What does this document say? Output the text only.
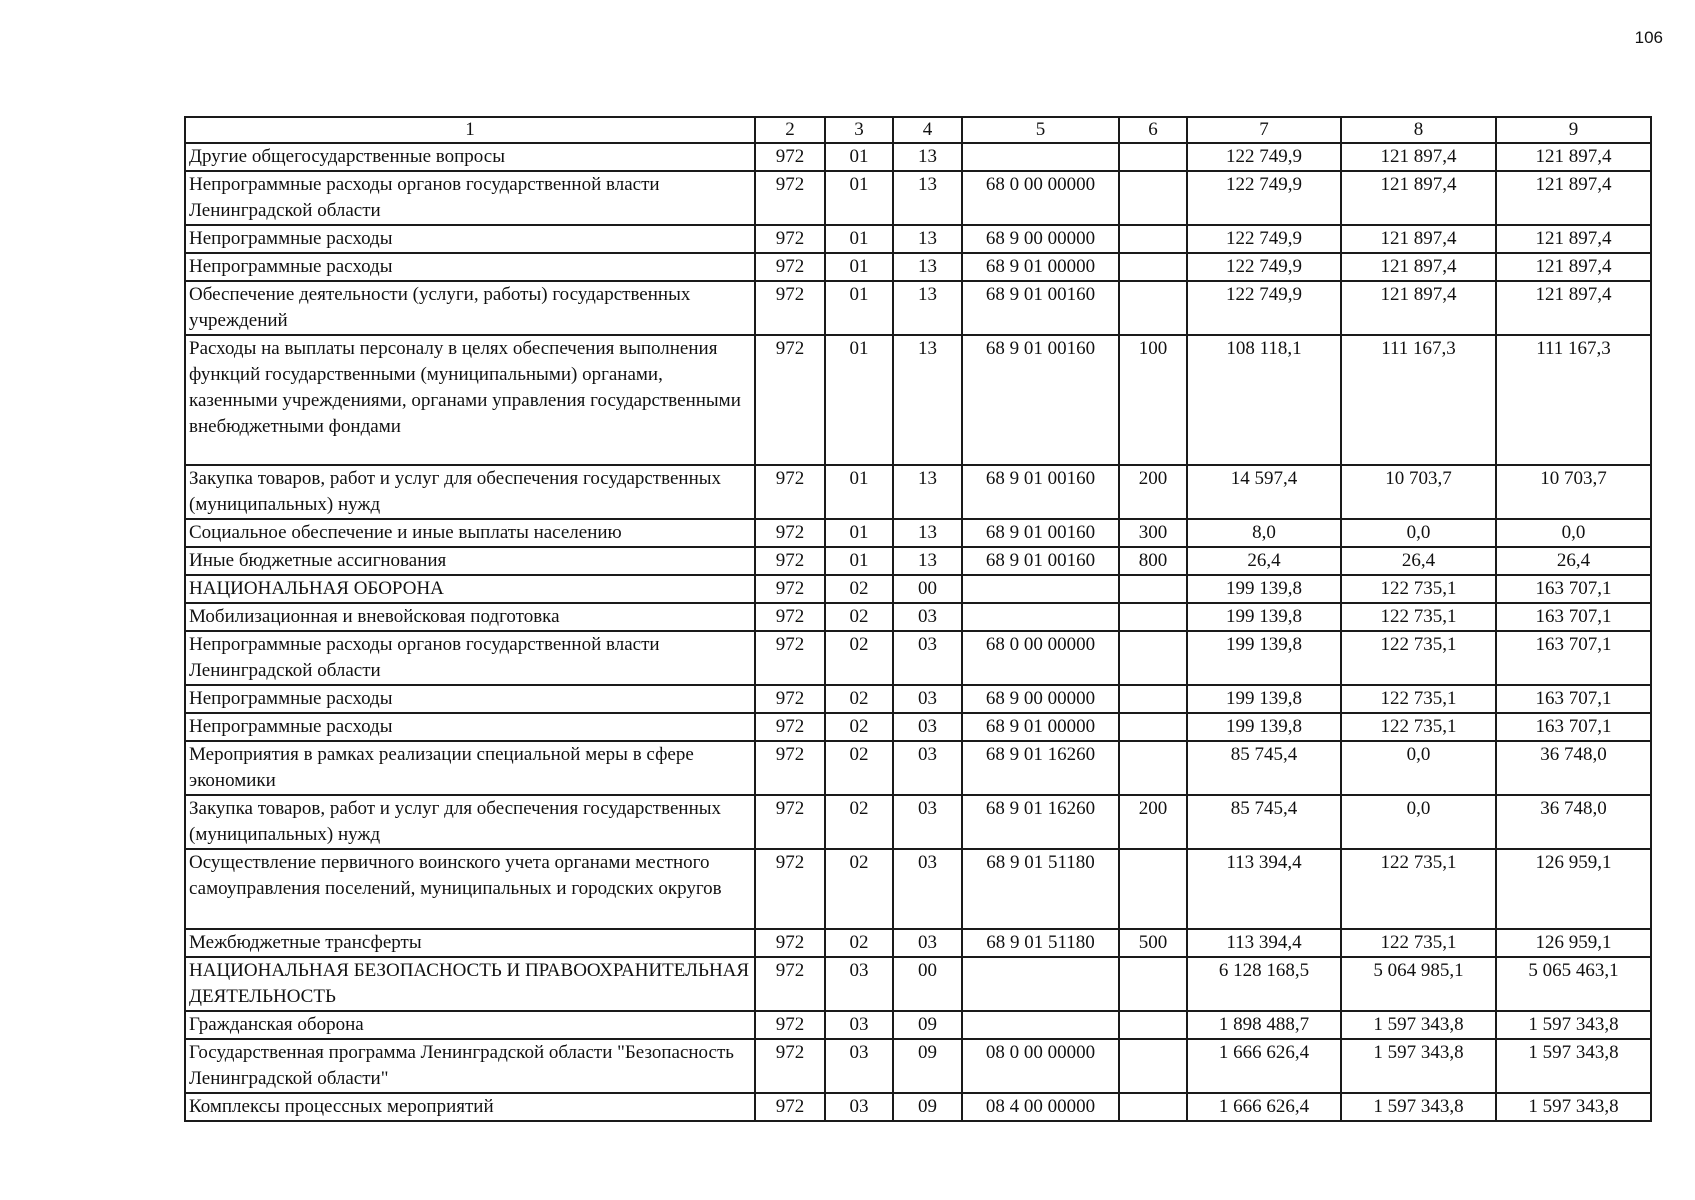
106
1	2	3	4	5	6	7	8	9
Другие общегосударственные вопросы	972	01	13			122 749,9	121 897,4	121 897,4
Непрограммные расходы органов государственной власти Ленинградской области	972	01	13	68 0 00 00000		122 749,9	121 897,4	121 897,4
Непрограммные расходы	972	01	13	68 9 00 00000		122 749,9	121 897,4	121 897,4
Непрограммные расходы	972	01	13	68 9 01 00000		122 749,9	121 897,4	121 897,4
Обеспечение деятельности (услуги, работы) государственных учреждений	972	01	13	68 9 01 00160		122 749,9	121 897,4	121 897,4
Расходы на выплаты персоналу в целях обеспечения выполнения функций государственными (муниципальными) органами, казенными учреждениями, органами управления государственными внебюджетными фондами	972	01	13	68 9 01 00160	100	108 118,1	111 167,3	111 167,3
Закупка товаров, работ и услуг для обеспечения государственных (муниципальных) нужд	972	01	13	68 9 01 00160	200	14 597,4	10 703,7	10 703,7
Социальное обеспечение и иные выплаты населению	972	01	13	68 9 01 00160	300	8,0	0,0	0,0
Иные бюджетные ассигнования	972	01	13	68 9 01 00160	800	26,4	26,4	26,4
НАЦИОНАЛЬНАЯ ОБОРОНА	972	02	00			199 139,8	122 735,1	163 707,1
Мобилизационная и вневойсковая подготовка	972	02	03			199 139,8	122 735,1	163 707,1
Непрограммные расходы органов государственной власти Ленинградской области	972	02	03	68 0 00 00000		199 139,8	122 735,1	163 707,1
Непрограммные расходы	972	02	03	68 9 00 00000		199 139,8	122 735,1	163 707,1
Непрограммные расходы	972	02	03	68 9 01 00000		199 139,8	122 735,1	163 707,1
Мероприятия в рамках реализации специальной меры в сфере экономики	972	02	03	68 9 01 16260		85 745,4	0,0	36 748,0
Закупка товаров, работ и услуг для обеспечения государственных (муниципальных) нужд	972	02	03	68 9 01 16260	200	85 745,4	0,0	36 748,0
Осуществление первичного воинского учета органами местного самоуправления поселений, муниципальных и городских округов	972	02	03	68 9 01 51180		113 394,4	122 735,1	126 959,1
Межбюджетные трансферты	972	02	03	68 9 01 51180	500	113 394,4	122 735,1	126 959,1
НАЦИОНАЛЬНАЯ БЕЗОПАСНОСТЬ И ПРАВООХРАНИТЕЛЬНАЯ ДЕЯТЕЛЬНОСТЬ	972	03	00			6 128 168,5	5 064 985,1	5 065 463,1
Гражданская оборона	972	03	09			1 898 488,7	1 597 343,8	1 597 343,8
Государственная программа Ленинградской области "Безопасность Ленинградской области"	972	03	09	08 0 00 00000		1 666 626,4	1 597 343,8	1 597 343,8
Комплексы процессных мероприятий	972	03	09	08 4 00 00000		1 666 626,4	1 597 343,8	1 597 343,8
